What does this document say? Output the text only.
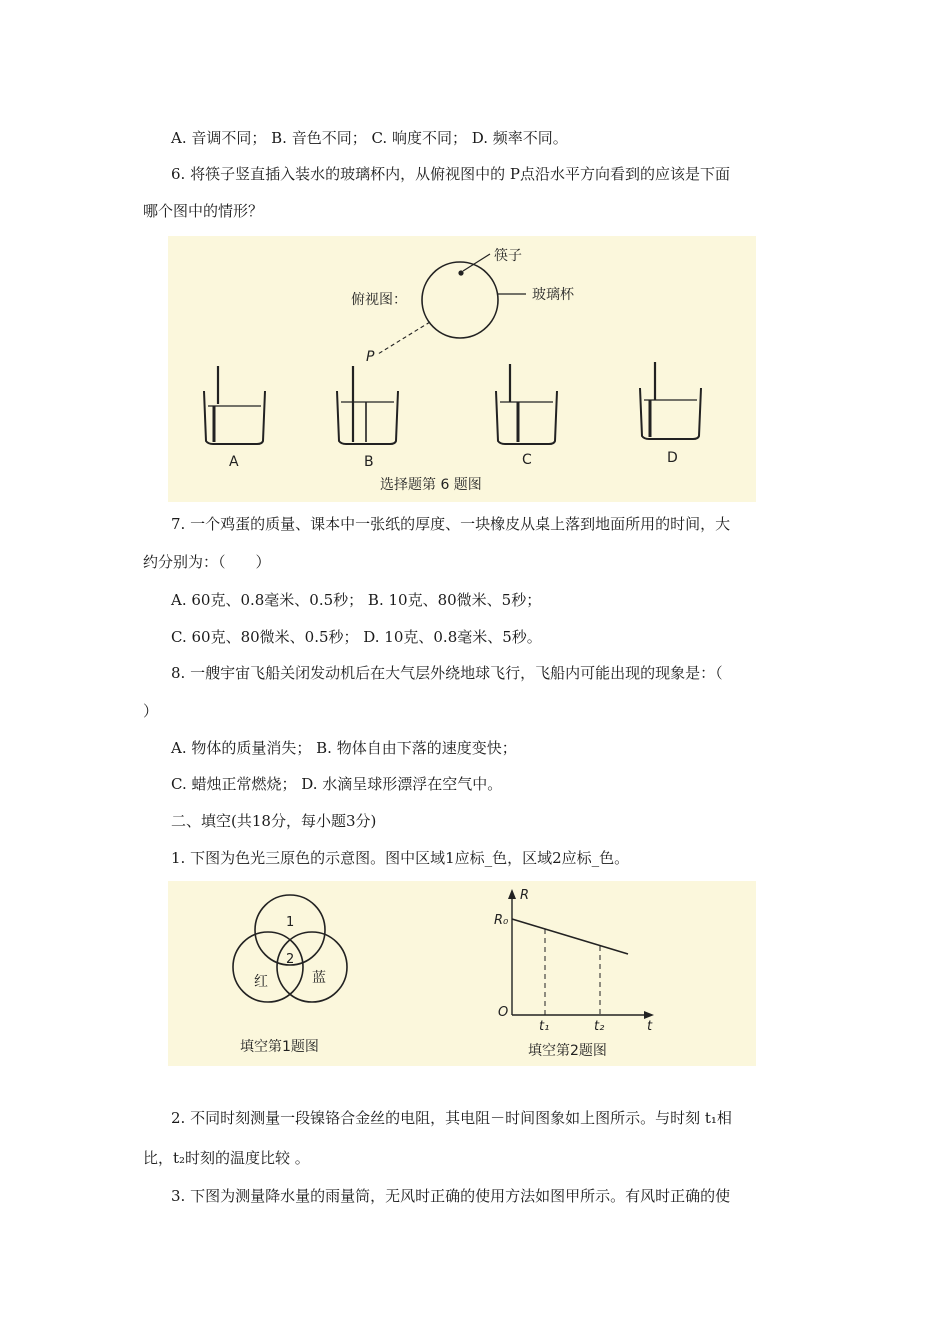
A. 音调不同； B. 音色不同； C. 响度不同； D. 频率不同。
6. 将筷子竖直插入装水的玻璃杯内，从俯视图中的 P点沿水平方向看到的应该是下面
哪个图中的情形？
俯视图：
筷子
玻璃杯
P
A	B	C	D
选择题第 6 题图
7. 一个鸡蛋的质量、课本中一张纸的厚度、一块橡皮从桌上落到地面所用的时间，大
约分别为：（　　）
A. 60克、0.8毫米、0.5秒； B. 10克、80微米、5秒；
C. 60克、80微米、0.5秒； D. 10克、0.8毫米、5秒。
8. 一艘宇宙飞船关闭发动机后在大气层外绕地球飞行，飞船内可能出现的现象是：（
）
A. 物体的质量消失； B. 物体自由下落的速度变快；
C. 蜡烛正常燃烧； D. 水滴呈球形漂浮在空气中。
二、填空(共18分，每小题3分)
1. 下图为色光三原色的示意图。图中区域1应标_色，区域2应标_色。
1
2
红	蓝
填空第1题图
R
R₀
O
t₁	t₂	t
填空第2题图
2. 不同时刻测量一段镍铬合金丝的电阻，其电阻－时间图象如上图所示。与时刻 t₁相
比，t₂时刻的温度比较 。
3. 下图为测量降水量的雨量筒，无风时正确的使用方法如图甲所示。有风时正确的使
